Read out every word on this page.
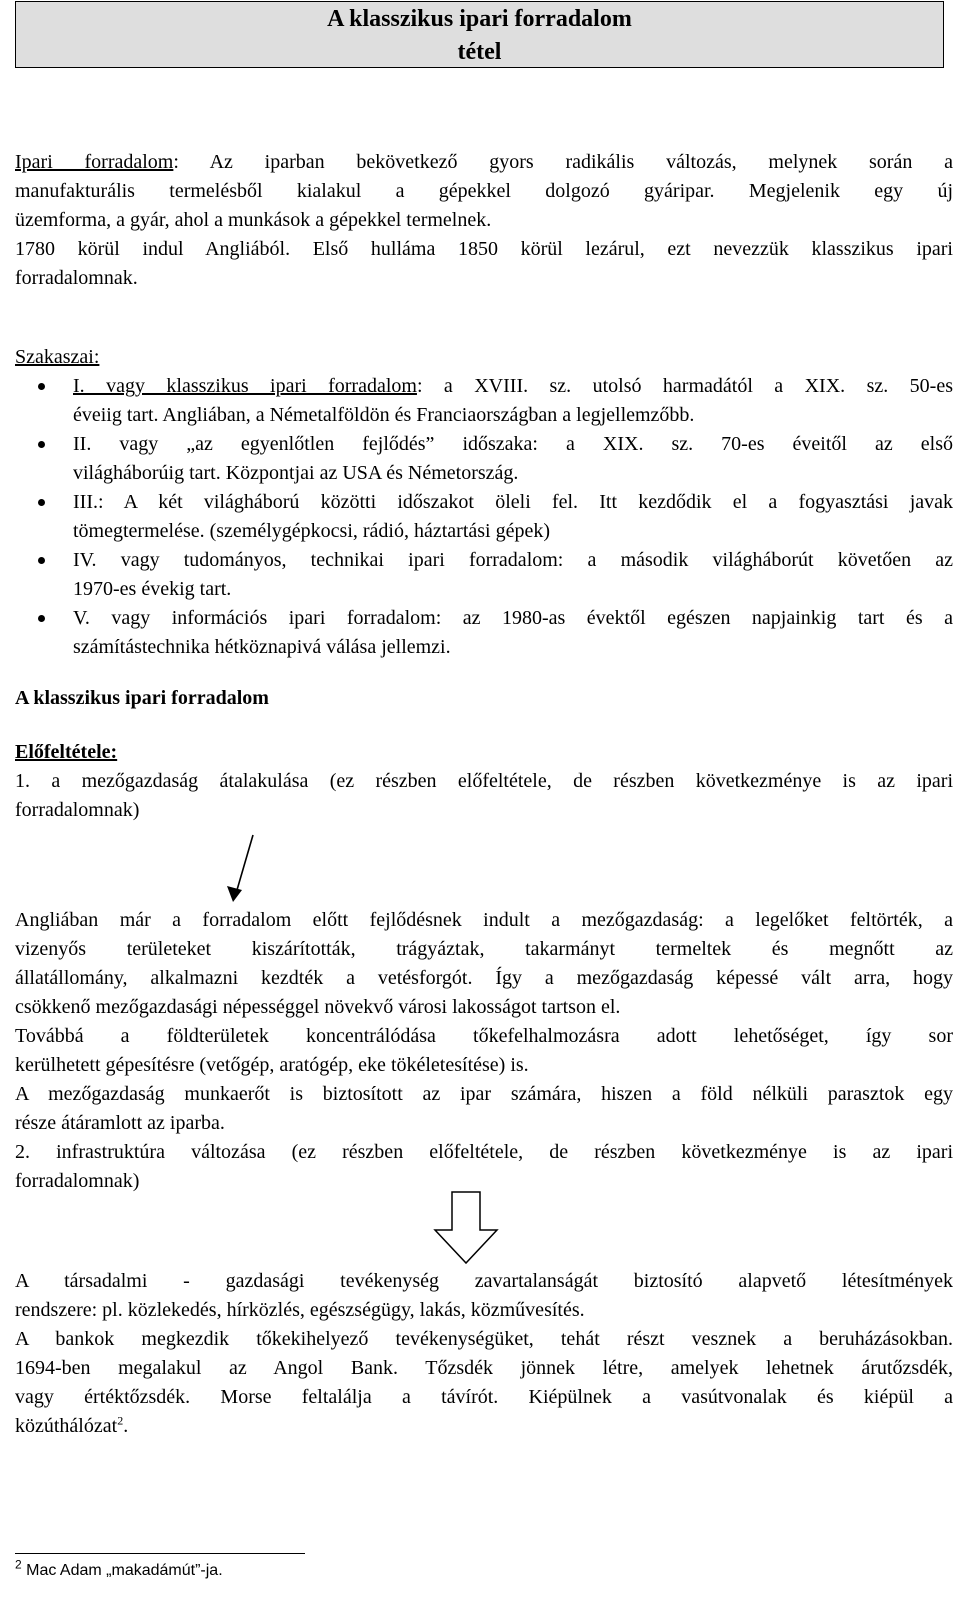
A klasszikus ipari forradalom
tétel
Ipari forradalom: Az iparban bekövetkező gyors radikális változás, melynek során a
manufakturális termelésből kialakul a gépekkel dolgozó gyáripar. Megjelenik egy új
üzemforma, a gyár, ahol a munkások a gépekkel termelnek.
1780 körül indul Angliából. Első hulláma 1850 körül lezárul, ezt nevezzük klasszikus ipari
forradalomnak.
Szakaszai:
I. vagy klasszikus ipari forradalom: a XVIII. sz. utolsó harmadától a XIX. sz. 50-es
éveiig tart. Angliában, a Németalföldön és Franciaországban a legjellemzőbb.
II. vagy „az egyenlőtlen fejlődés” időszaka: a XIX. sz. 70-es éveitől az első
világháborúig tart. Központjai az USA és Németország.
III.: A két világháború közötti időszakot öleli fel. Itt kezdődik el a fogyasztási javak
tömegtermelése. (személygépkocsi, rádió, háztartási gépek)
IV. vagy tudományos, technikai ipari forradalom: a második világháborút követően az
1970-es évekig tart.
V. vagy információs ipari forradalom: az 1980-as évektől egészen napjainkig tart és a
számítástechnika hétköznapivá válása jellemzi.
A klasszikus ipari forradalom
Előfeltétele:
1. a mezőgazdaság átalakulása (ez részben előfeltétele, de részben következménye is az ipari
forradalomnak)
Angliában már a forradalom előtt fejlődésnek indult a mezőgazdaság: a legelőket feltörték, a
vizenyős területeket kiszárították, trágyáztak, takarmányt termeltek és megnőtt az
állatállomány, alkalmazni kezdték a vetésforgót. Így a mezőgazdaság képessé vált arra, hogy
csökkenő mezőgazdasági népességgel növekvő városi lakosságot tartson el.
Továbbá a földterületek koncentrálódása tőkefelhalmozásra adott lehetőséget, így sor
kerülhetett gépesítésre (vetőgép, aratógép, eke tökéletesítése) is.
A mezőgazdaság munkaerőt is biztosított az ipar számára, hiszen a föld nélküli parasztok egy
része átáramlott az iparba.
2. infrastruktúra változása (ez részben előfeltétele, de részben következménye is az ipari
forradalomnak)
A társadalmi - gazdasági tevékenység zavartalanságát biztosító alapvető létesítmények
rendszere: pl. közlekedés, hírközlés, egészségügy, lakás, közművesítés.
A bankok megkezdik tőkekihelyező tevékenységüket, tehát részt vesznek a beruházásokban.
1694-ben megalakul az Angol Bank. Tőzsdék jönnek létre, amelyek lehetnek árutőzsdék,
vagy értéktőzsdék. Morse feltalálja a távírót. Kiépülnek a vasútvonalak és kiépül a
közúthálózat$^2$.
$^2$ Mac Adam „makadámút”-ja.
